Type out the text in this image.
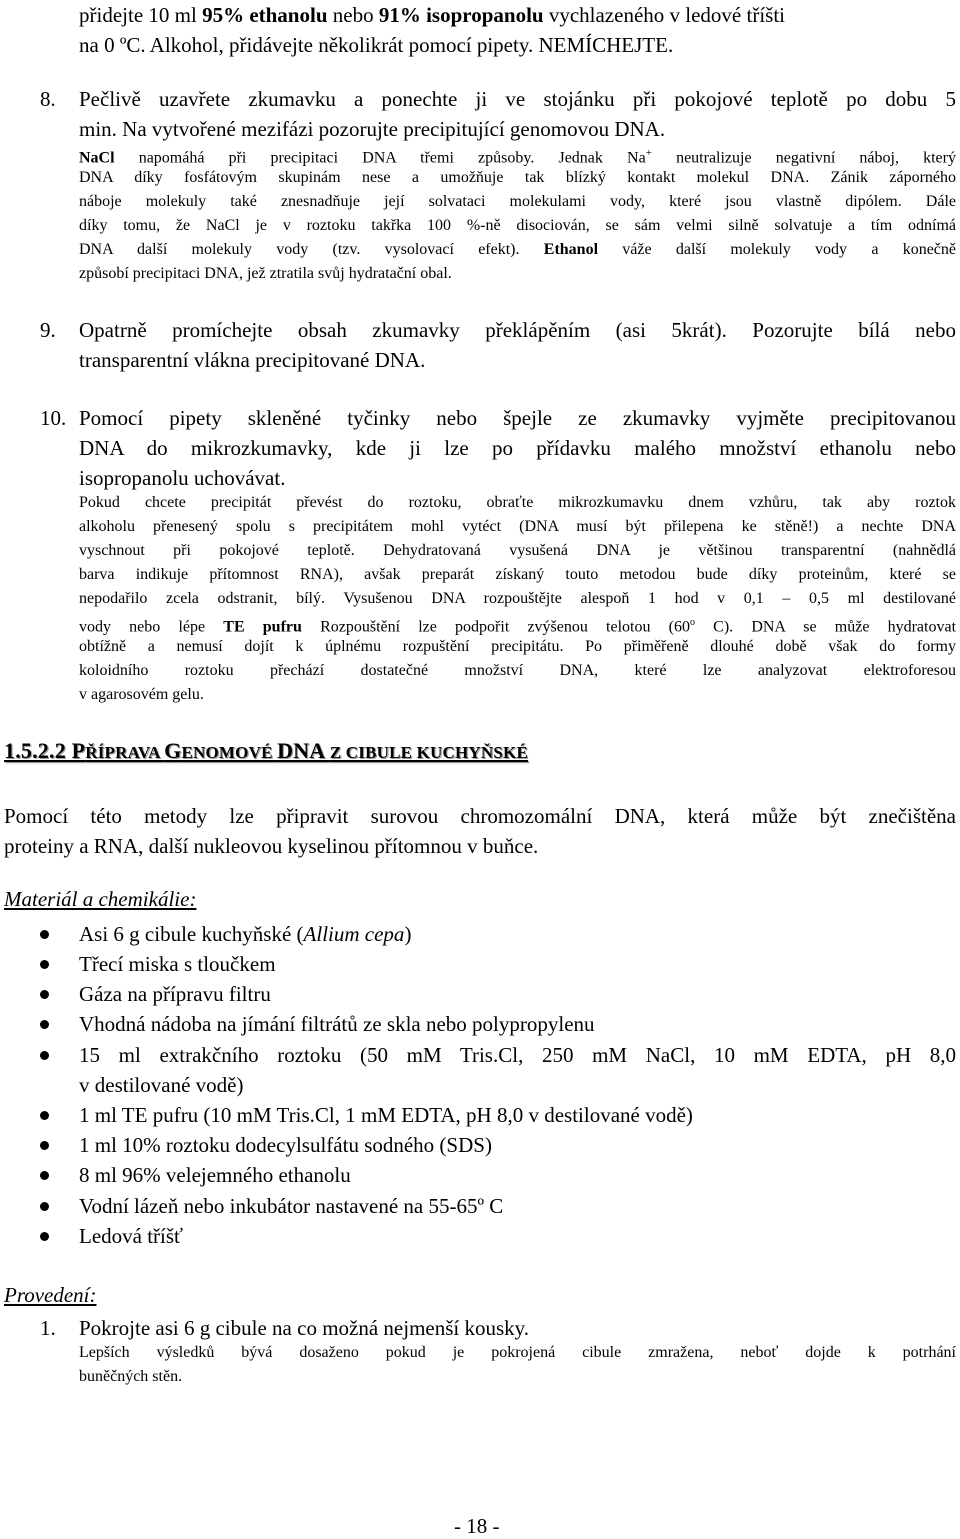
přidejte 10 ml 95% ethanolu nebo 91% isopropanolu vychlazeného v ledové tříšti
na 0 ºC. Alkohol, přidávejte několikrát pomocí pipety. NEMÍCHEJTE.
8. Pečlivě uzavřete zkumavku a ponechte ji ve stojánku při pokojové teplotě po dobu 5
min. Na vytvořené mezifázi pozorujte precipitující genomovou DNA.
NaCl napomáhá při precipitaci DNA třemi způsoby. Jednak Na+ neutralizuje negativní náboj, který
DNA díky fosfátovým skupinám nese a umožňuje tak blízký kontakt molekul DNA. Zánik záporného
náboje molekuly také znesnadňuje její solvataci molekulami vody, které jsou vlastně dipólem. Dále
díky tomu, že NaCl je v roztoku takřka 100 %-ně disociován, se sám velmi silně solvatuje a tím odnímá
DNA další molekuly vody (tzv. vysolovací efekt). Ethanol váže další molekuly vody a konečně
způsobí precipitaci DNA, jež ztratila svůj hydratační obal.
9. Opatrně promíchejte obsah zkumavky překlápěním (asi 5krát). Pozorujte bílá nebo
transparentní vlákna precipitované DNA.
10. Pomocí pipety skleněné tyčinky nebo špejle ze zkumavky vyjměte precipitovanou
DNA do mikrozkumavky, kde ji lze po přídavku malého množství ethanolu nebo
isopropanolu uchovávat.
Pokud chcete precipitát převést do roztoku, obraťte mikrozkumavku dnem vzhůru, tak aby roztok
alkoholu přenesený spolu s precipitátem mohl vytéct (DNA musí být přilepena ke stěně!) a nechte DNA
vyschnout při pokojové teplotě. Dehydratovaná vysušená DNA je většinou transparentní (nahnědlá
barva indikuje přítomnost RNA), avšak preparát získaný touto metodou bude díky proteinům, které se
nepodařilo zcela odstranit, bílý. Vysušenou DNA rozpouštějte alespoň 1 hod v 0,1 – 0,5 ml destilované
vody nebo lépe TE pufru Rozpouštění lze podpořit zvýšenou telotou (60$^o$ C). DNA se může hydratovat
obtížně a nemusí dojít k úplnému rozpuštění precipitátu. Po přiměřeně dlouhé době však do formy
koloidního roztoku přechází dostatečné množství DNA, které lze analyzovat elektroforesou
v agarosovém gelu.
1.5.2.2 PŘÍPRAVA GENOMOVÉ DNA Z CIBULE KUCHYŇSKÉ
Pomocí této metody lze připravit surovou chromozomální DNA, která může být znečištěna
proteiny a RNA, další nukleovou kyselinou přítomnou v buňce.
Materiál a chemikálie:
Asi 6 g cibule kuchyňské (Allium cepa)
Třecí miska s tloučkem
Gáza na přípravu filtru
Vhodná nádoba na jímání filtrátů ze skla nebo polypropylenu
15 ml extrakčního roztoku (50 mM Tris.Cl, 250 mM NaCl, 10 mM EDTA, pH 8,0
v destilované vodě)
1 ml TE pufru (10 mM Tris.Cl, 1 mM EDTA, pH 8,0 v destilované vodě)
1 ml 10% roztoku dodecylsulfátu sodného (SDS)
8 ml 96% velejemného ethanolu
Vodní lázeň nebo inkubátor nastavené na 55-65º C
Ledová tříšť
Provedení:
1. Pokrojte asi 6 g cibule na co možná nejmenší kousky.
Lepších výsledků bývá dosaženo pokud je pokrojená cibule zmražena, neboť dojde k potrhání
buněčných stěn.
- 18 -
